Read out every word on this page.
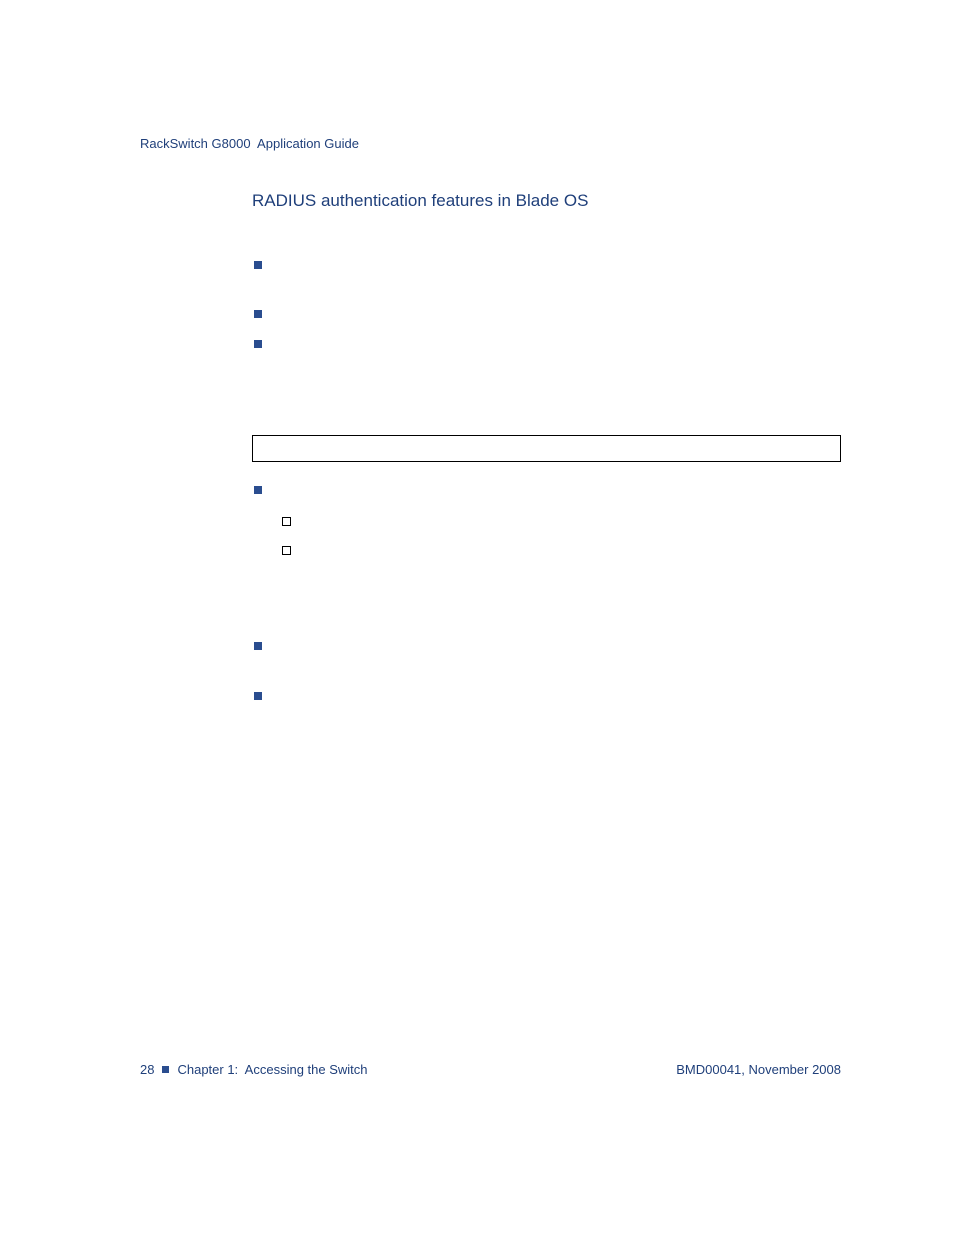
RackSwitch G8000  Application Guide
RADIUS authentication features in Blade OS
28 Chapter 1:  Accessing the Switch	BMD00041, November 2008
